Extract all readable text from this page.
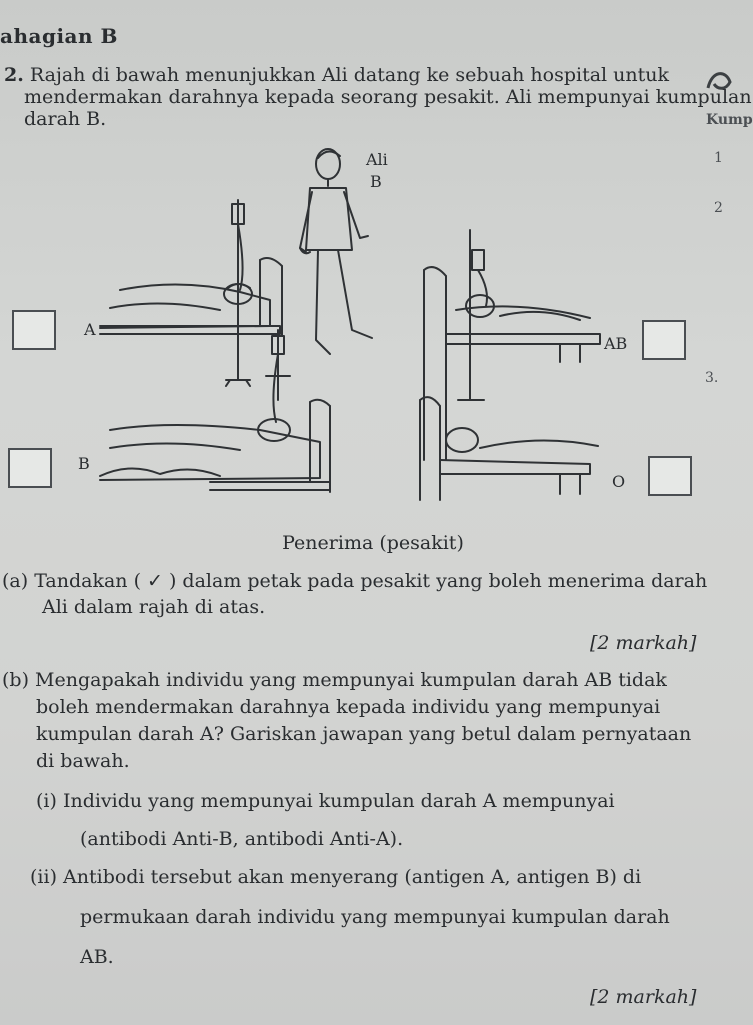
ahagian B
2. Rajah di bawah menunjukkan Ali datang ke sebuah hospital untuk
mendermakan darahnya kepada seorang pesakit. Ali mempunyai kumpulan
darah B.	Kump
1
2
3.
Ali
B
A
AB
B
O
Penerima (pesakit)
(a) Tandakan ( ✓ ) dalam petak pada pesakit yang boleh menerima darah
Ali dalam rajah di atas.
[2 markah]
(b) Mengapakah individu yang mempunyai kumpulan darah AB tidak
boleh mendermakan darahnya kepada individu yang mempunyai
kumpulan darah A? Gariskan jawapan yang betul dalam pernyataan
di bawah.
(i) Individu yang mempunyai kumpulan darah A mempunyai
(antibodi Anti-B, antibodi Anti-A).
(ii) Antibodi tersebut akan menyerang (antigen A, antigen B) di
permukaan darah individu yang mempunyai kumpulan darah
AB.
[2 markah]
